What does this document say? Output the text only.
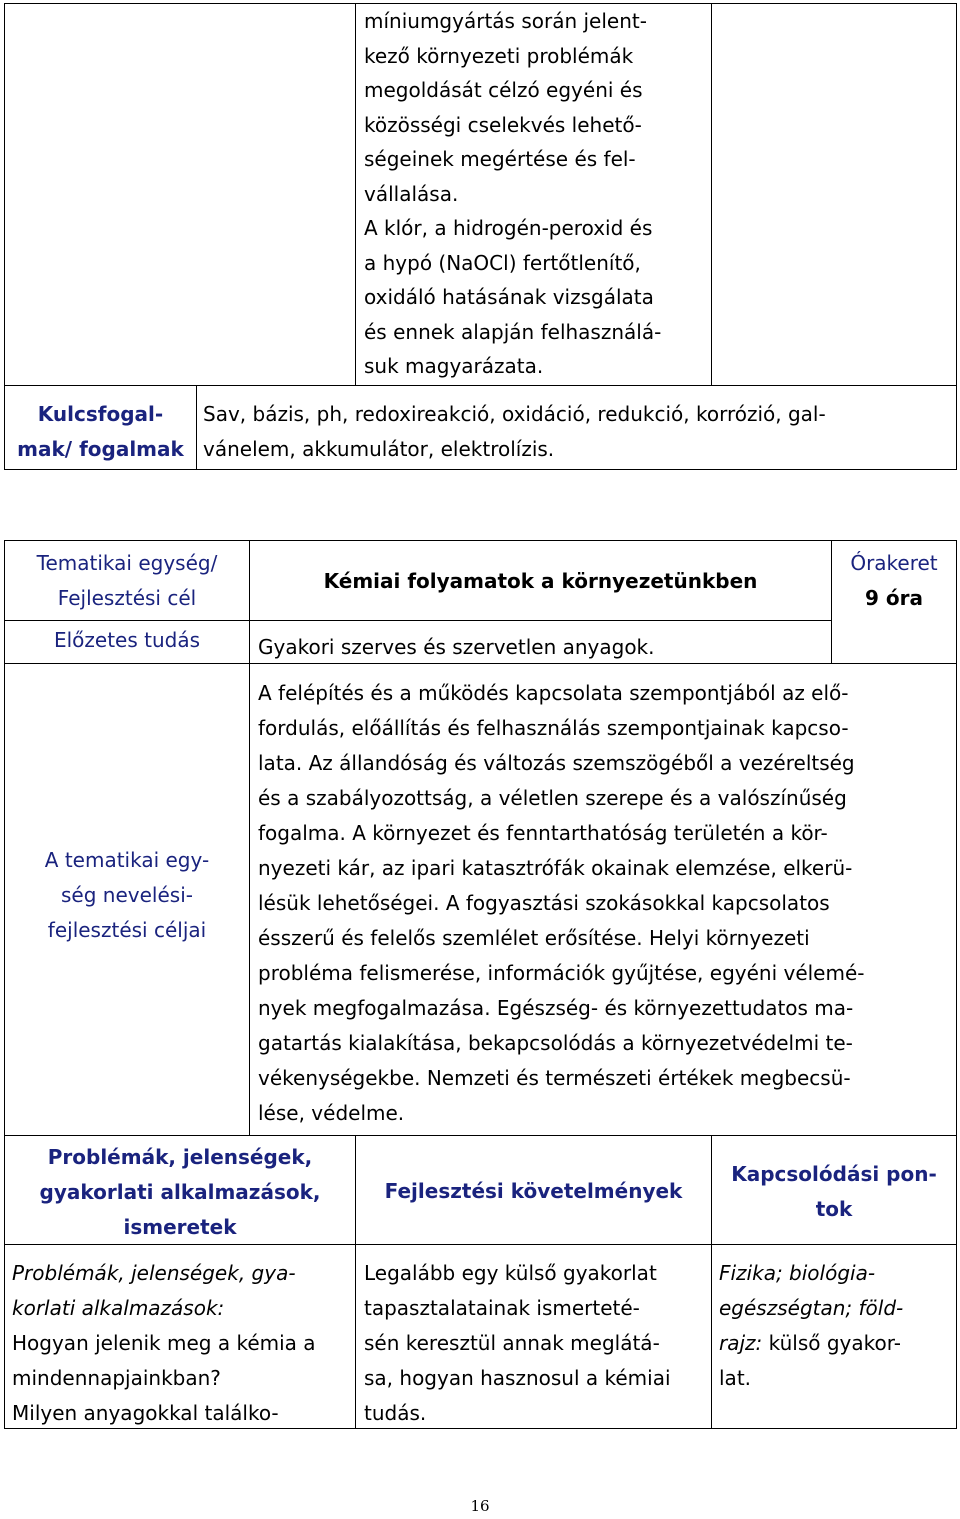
míniumgyártás során jelent-
kező környezeti problémák
megoldását célzó egyéni és
közösségi cselekvés lehető-
ségeinek megértése és fel-
vállalása.
A klór, a hidrogén-peroxid és
a hypó (NaOCl) fertőtlenítő,
oxidáló hatásának vizsgálata
és ennek alapján felhasználá-
suk magyarázata.
Kulcsfogal-
mak/ fogalmak
Sav, bázis, ph, redoxireakció, oxidáció, redukció, korrózió, gal-
vánelem, akkumulátor, elektrolízis.
Tematikai egység/
Fejlesztési cél
Kémiai folyamatok a környezetünkben
Órakeret
9 óra
Előzetes tudás	Gyakori szerves és szervetlen anyagok.
A tematikai egy-
ség nevelési-
fejlesztési céljai
A felépítés és a működés kapcsolata szempontjából az elő-
fordulás, előállítás és felhasználás szempontjainak kapcso-
lata. Az állandóság és változás szemszögéből a vezéreltség
és a szabályozottság, a véletlen szerepe és a valószínűség
fogalma. A környezet és fenntarthatóság területén a kör-
nyezeti kár, az ipari katasztrófák okainak elemzése, elkerü-
lésük lehetőségei. A fogyasztási szokásokkal kapcsolatos
ésszerű és felelős szemlélet erősítése. Helyi környezeti
probléma felismerése, információk gyűjtése, egyéni vélemé-
nyek megfogalmazása. Egészség- és környezettudatos ma-
gatartás kialakítása, bekapcsolódás a környezetvédelmi te-
vékenységekbe. Nemzeti és természeti értékek megbecsü-
lése, védelme.
Problémák, jelenségek,
gyakorlati alkalmazások,
ismeretek
Fejlesztési követelmények
Kapcsolódási pon-
tok
Problémák, jelenségek, gya-
korlati alkalmazások:
Hogyan jelenik meg a kémia a
mindennapjainkban?
Milyen anyagokkal találko-
Legalább egy külső gyakorlat
tapasztalatainak ismerteté-
sén keresztül annak meglátá-
sa, hogyan hasznosul a kémiai
tudás.
Fizika; biológia-
egészségtan; föld-
rajz: külső gyakor-
lat.
16
